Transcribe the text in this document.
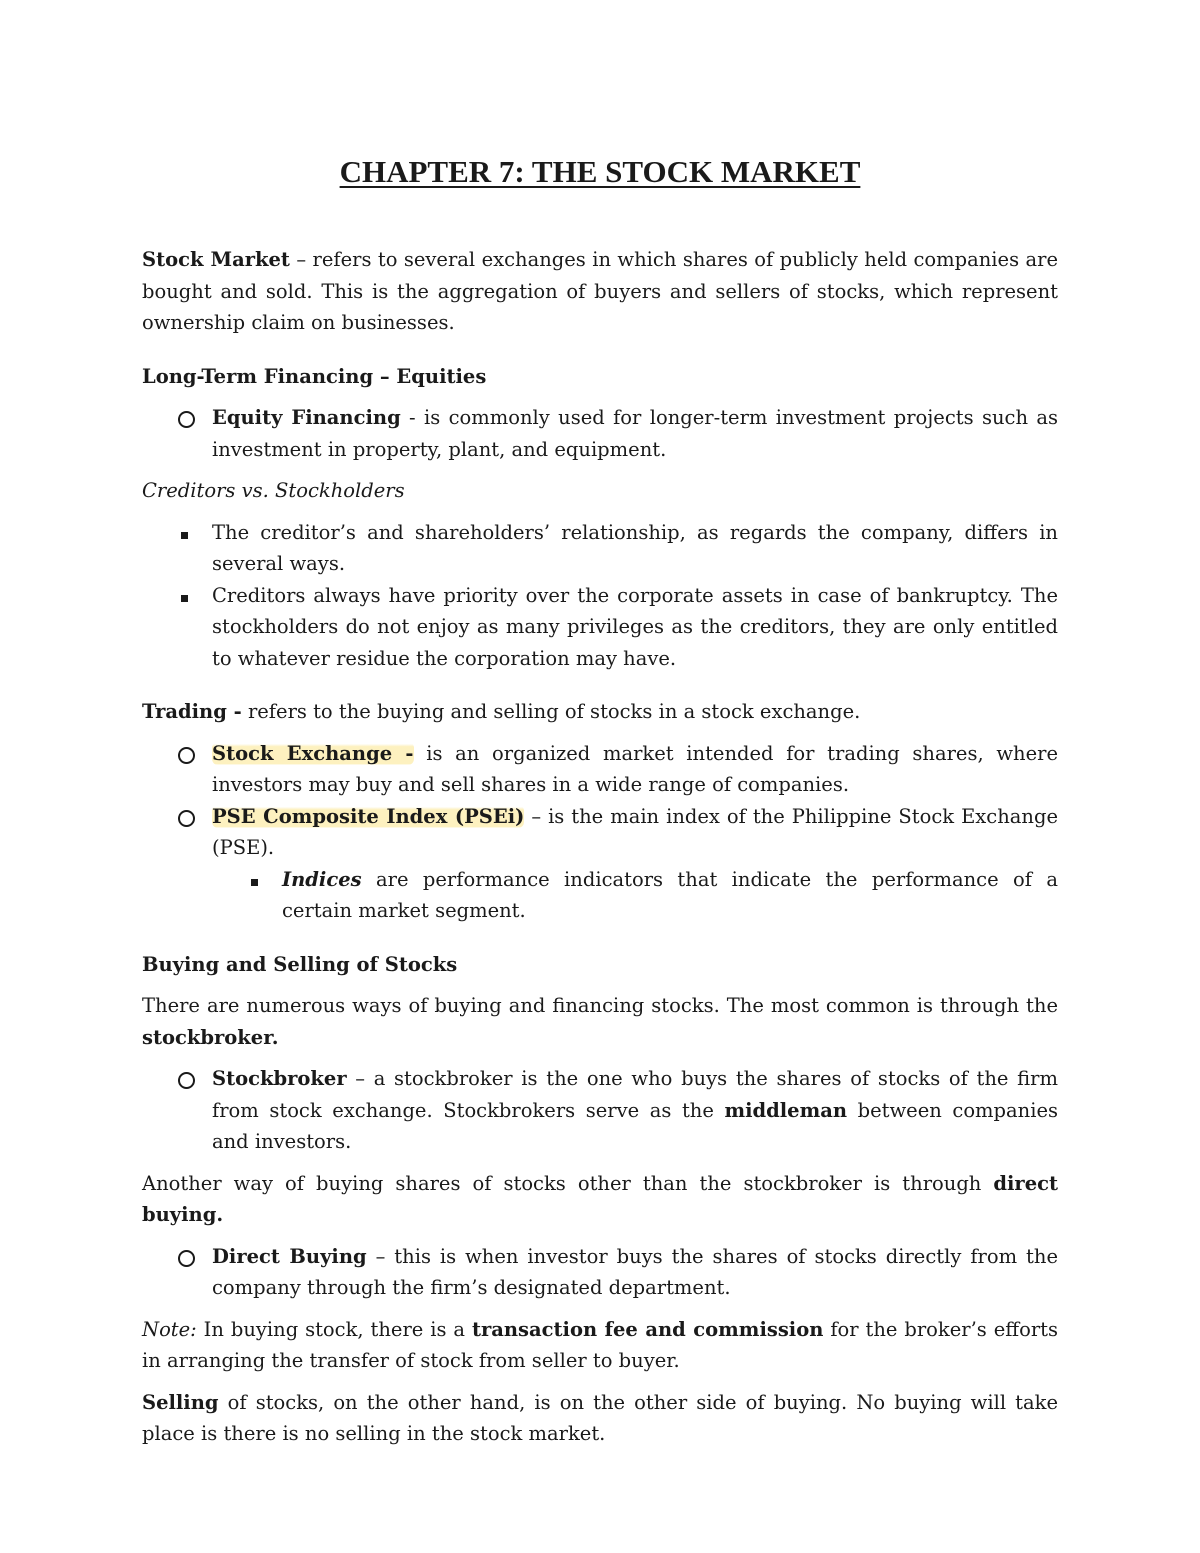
CHAPTER 7: THE STOCK MARKET

Stock Market – refers to several exchanges in which shares of publicly held companies are bought and sold. This is the aggregation of buyers and sellers of stocks, which represent ownership claim on businesses.

Long-Term Financing – Equities
Equity Financing - is commonly used for longer-term investment projects such as investment in property, plant, and equipment.
Creditors vs. Stockholders
The creditor’s and shareholders’ relationship, as regards the company, differs in several ways.
Creditors always have priority over the corporate assets in case of bankruptcy. The stockholders do not enjoy as many privileges as the creditors, they are only entitled to whatever residue the corporation may have.

Trading - refers to the buying and selling of stocks in a stock exchange.

Stock Exchange - is an organized market intended for trading shares, where investors may buy and sell shares in a wide range of companies.
PSE Composite Index (PSEi) – is the main index of the Philippine Stock Exchange (PSE).
Indices are performance indicators that indicate the performance of a certain market segment.
Buying and Selling of Stocks

There are numerous ways of buying and financing stocks. The most common is through the stockbroker.

Stockbroker – a stockbroker is the one who buys the shares of stocks of the firm from stock exchange. Stockbrokers serve as the middleman between companies and investors.

Another way of buying shares of stocks other than the stockbroker is through direct buying.

Direct Buying – this is when investor buys the shares of stocks directly from the company through the firm’s designated department.

Note: In buying stock, there is a transaction fee and commission for the broker’s efforts in arranging the transfer of stock from seller to buyer.

Selling of stocks, on the other hand, is on the other side of buying. No buying will take place is there is no selling in the stock market.
